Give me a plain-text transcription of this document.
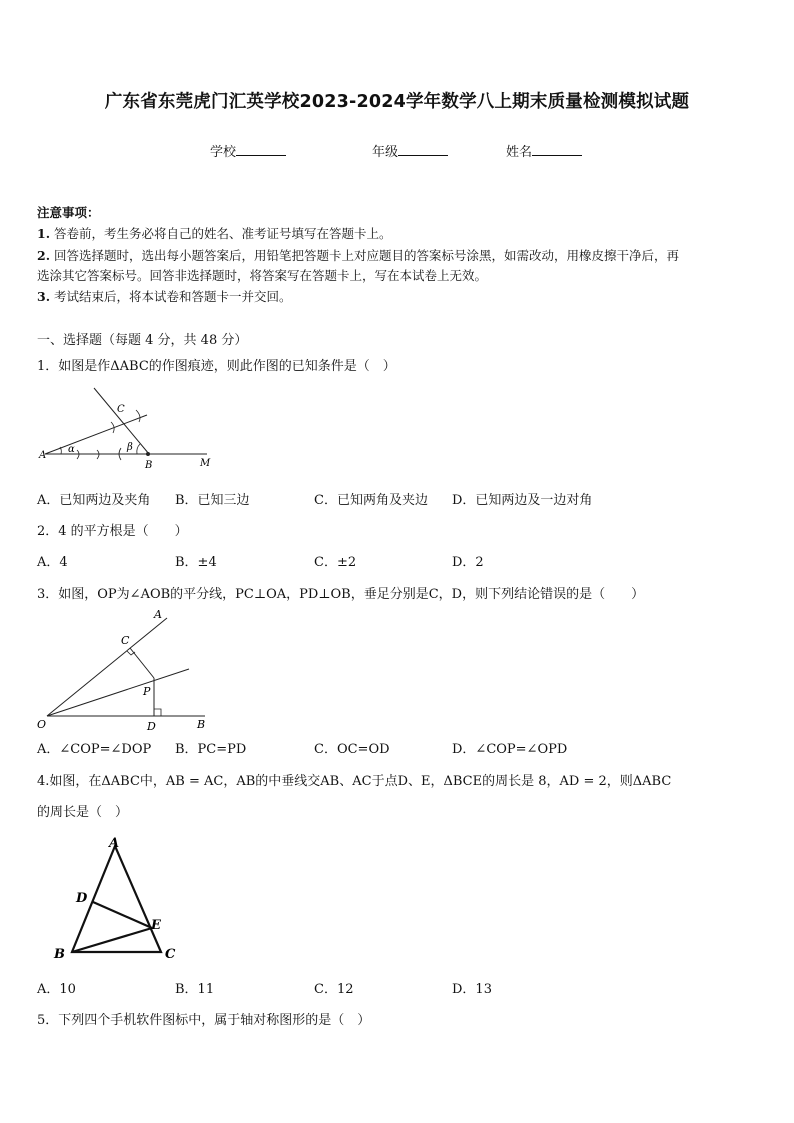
广东省东莞虎门汇英学校2023-2024学年数学八上期末质量检测模拟试题
学校	年级	姓名
注意事项：
1. 答卷前，考生务必将自己的姓名、准考证号填写在答题卡上。
2. 回答选择题时，选出每小题答案后，用铅笔把答题卡上对应题目的答案标号涂黑，如需改动，用橡皮擦干净后，再
选涂其它答案标号。回答非选择题时，将答案写在答题卡上，写在本试卷上无效。
3. 考试结束后，将本试卷和答题卡一并交回。
一、选择题（每题 4 分，共 48 分）
1．如图是作ΔABC的作图痕迹，则此作图的已知条件是（　）
A
B
C
M
α	β
A．已知两边及夹角 B．已知三边	C．已知两角及夹边 D．已知两边及一边对角
2．4 的平方根是（　　）
A．4	B．±4	C．±2	D．2
3．如图，OP为∠AOB的平分线，PC⊥OA，PD⊥OB，垂足分别是C，D，则下列结论错误的是（　　）
A
C
P
O	D	B
A．∠COP=∠DOP B．PC=PD	C．OC=OD	D．∠COP=∠OPD
4.如图，在ΔABC中，AB = AC，AB的中垂线交AB、AC于点D、E，ΔBCE的周长是 8，AD = 2，则ΔABC
的周长是（　）
A
D
E
B	C
A．10	B．11	C．12	D．13
5．下列四个手机软件图标中，属于轴对称图形的是（　）
